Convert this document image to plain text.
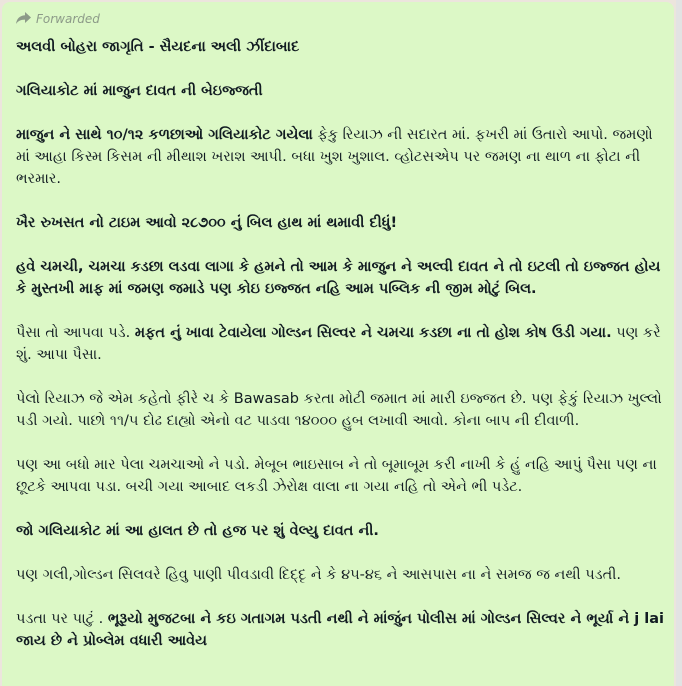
Forwarded
અલવી બોહરા જાગૃતિ - સૈયદના અલી ઝીંદાબાદ
ગલિયાકોટ માં માજુન દાવત ની બેઇજ્જતી
માજુન ને સાથે ૧૦/૧૨ કળછાઓ ગલિયાકોટ ગયેલા ફેકુ રિયાઝ ની સદારત માં. ફખરી માં ઉતારો આપો. જમણો માં આહા કિસ્મ કિસમ ની મીથાશ ખરાશ આપી. બધા ખુશ ખુશાલ. વ્હોટસએપ પર જમણ ના થાળ ના ફોટા ની ભરમાર.
ખૈર રુખસત નો ટાઇમ આવો ૨૮૭૦૦ નું બિલ હાથ માં થમાવી દીધું!
હવે ચમચી, ચમચા કડછા લડવા લાગા કે હમને તો આમ કે માજુન ને અલ્વી દાવત ને તો ઇટલી તો ઇજ્જત હોય કે મુસ્તખી માફ માં જમણ જમાડે પણ કોઇ ઇજ્જત નહિ આમ પબ્લિક ની જીમ મોટું બિલ.
પૈસા તો આપવા પડે. મફત નું ખાવા ટેવાયેલા ગોલ્ડન સિલ્વર ને ચમચા કડછા ના તો હોશ કોષ ઉડી ગયા. પણ કરે શું. આપા પૈસા.
પેલો રિયાઝ જે એમ કહેતો ફીરે ચ કે Bawasab કરતા મોટી જમાત માં મારી ઇજ્જત છે. પણ ફેકું રિયાઝ ખુલ્લો પડી ગયો. પાછો ૧૧/૫ દોઢ દાહ્યો એનો વટ પાડવા ૧૪૦૦૦ હુબ લખાવી આવો. કોના બાપ ની દીવાળી.
પણ આ બધો માર પેલા ચમચાઓ ને પડો. મેબૂબ ભાઇસાબ ને તો બૂમાબૂમ કરી નાખી કે હું નહિ આપું પૈસા પણ ના છૂટકે આપવા પડા. બચી ગયા આબાદ લકડી ઝેરોક્ષ વાલા ના ગયા નહિ તો એને ભી પડેટ.
જો ગલિયાકોટ માં આ હાલત છે તો હજ પર શું વેલ્યુ દાવત ની.
પણ ગલી,ગોલ્ડન સિલવરે હિવુ પાણી પીવડાવી દિદ્દૃ ને કે ૪૫-૪૬ ને આસપાસ ના ને સમજ જ નથી પડતી.
પડતા પર પાટું . ભૂરૂયો મુજટબા ને કઇ ગતાગમ પડતી નથી ને માંજુંન પોલીસ માં ગોલ્ડન સિલ્વર ને ભૂર્યા ને j lai જાય છે ને પ્રોબ્લેમ વધારી આવેય
